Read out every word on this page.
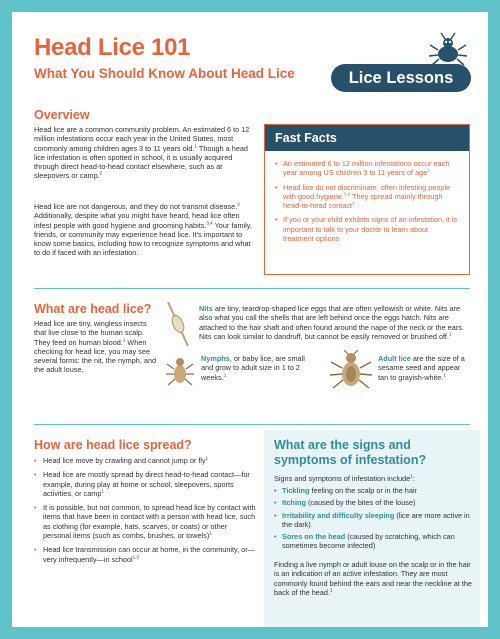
Head Lice 101
What You Should Know About Head Lice	Lice Lessons
Overview

Head lice are a common community problem. An estimated 6 to 12 million infestations occur each year in the United States, most commonly among children ages 3 to 11 years old.$^1$ Though a head lice infestation is often spotted in school, it is usually acquired through direct head-to-head contact elsewhere, such as at sleepovers or camp.$^2$

Head lice are not dangerous, and they do not transmit disease.$^2$ Additionally, despite what you might have heard, head lice often infest people with good hygiene and grooming habits.$^{3,4}$ Your family, friends, or community may experience head lice. It's important to know some basics, including how to recognize symptoms and what to do if faced with an infestation.

Fast Facts
• An estimated 6 to 12 million infestations occur each year among US children 3 to 11 years of age$^1$
• Head lice do not discriminate, often infesting people with good hygiene.$^{3,4}$ They spread mainly through head-to-head contact$^1$
• If you or your child exhibits signs of an infestation, it is important to talk to your doctor to learn about treatment options
What are head lice?

Head lice are tiny, wingless insects that live close to the human scalp. They feed on human blood.$^1$ When checking for head lice, you may see several forms: the nit, the nymph, and the adult louse.

Nits are tiny, teardrop-shaped lice eggs that are often yellowish or white. Nits are also what you call the shells that are left behind once the eggs hatch. Nits are attached to the hair shaft and often found around the nape of the neck or the ears. Nits can look similar to dandruff, but cannot be easily removed or brushed off.$^1$

Nymphs, or baby lice, are small and grow to adult size in 1 to 2 weeks.$^1$

Adult lice are the size of a sesame seed and appear tan to grayish-white.$^1$

How are head lice spread?
• Head lice move by crawling and cannot jump or fly$^1$
• Head lice are mostly spread by direct head-to-head contact—for example, during play at home or school, sleepovers, sports activities, or camp$^1$
• It is possible, but not common, to spread head lice by contact with items that have been in contact with a person with head lice, such as clothing (for example, hats, scarves, or coats) or other personal items (such as combs, brushes, or towels)$^1$
• Head lice transmission can occur at home, in the community, or—very infrequently—in school$^{1,3}$
What are the signs and symptoms of infestation?

Signs and symptoms of infestation include$^1$:

• Tickling feeling on the scalp or in the hair
• Itching (caused by the bites of the louse)
• Irritability and difficulty sleeping (lice are more active in the dark)
• Sores on the head (caused by scratching, which can sometimes become infected)

Finding a live nymph or adult louse on the scalp or in the hair is an indication of an active infestation. They are most commonly found behind the ears and near the neckline at the back of the head.$^1$
